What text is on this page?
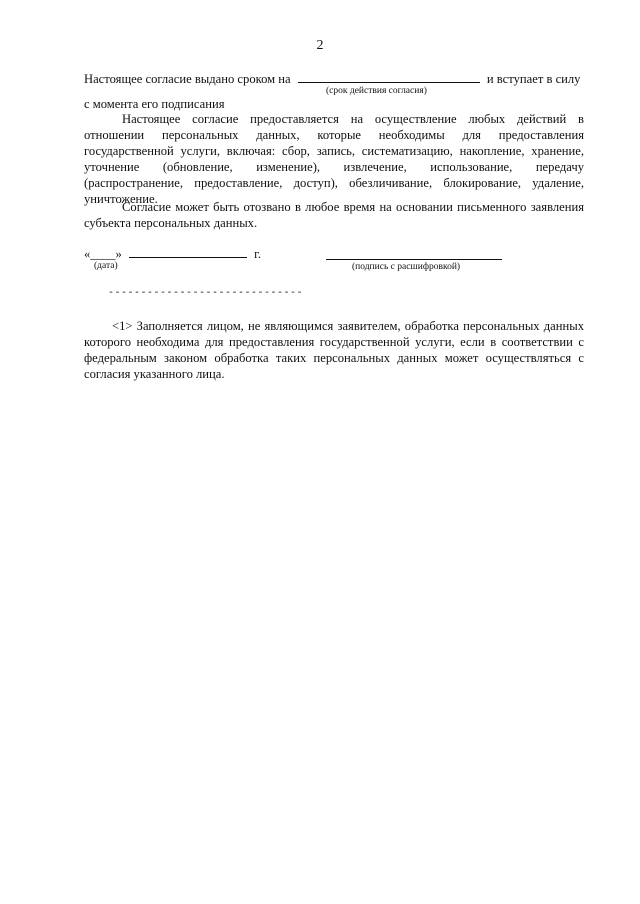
2
Настоящее согласие выдано сроком на	и вступает в силу
(срок действия согласия)
с момента его подписания
Настоящее согласие предоставляется на осуществление любых действий в отношении персональных данных, которые необходимы для предоставления государственной услуги, включая: сбор, запись, систематизацию, накопление, хранение, уточнение (обновление, изменение), извлечение, использование, передачу (распространение, предоставление, доступ), обезличивание, блокирование, удаление, уничтожение.
Согласие может быть отозвано в любое время на основании письменного заявления субъекта персональных данных.
«____»	г.
(дата)	(подпись с расшифровкой)
------------------------------
<1> Заполняется лицом, не являющимся заявителем, обработка персональных данных которого необходима для предоставления государственной услуги, если в соответствии с федеральным законом обработка таких персональных данных может осуществляться с согласия указанного лица.
